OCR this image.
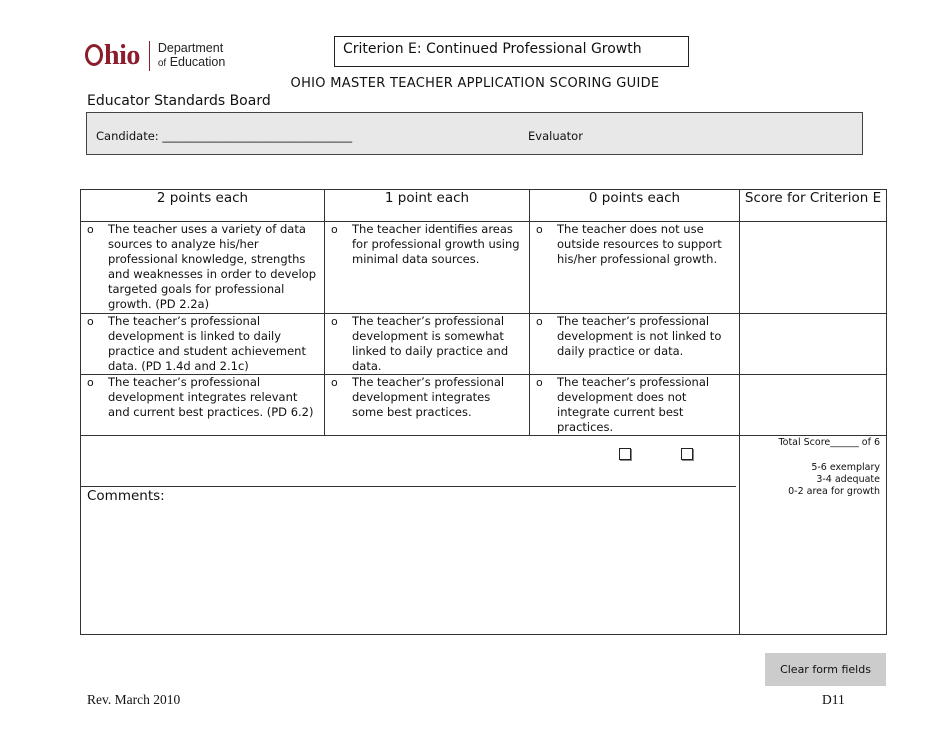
hio Department
of Education
Criterion E: Continued Professional Growth
OHIO MASTER TEACHER APPLICATION SCORING GUIDE
Educator Standards Board
Candidate: _________________________________	Evaluator
2 points each	1 point each	0 points each	Score for Criterion E

o The teacher uses a variety of data sources to analyze his/her professional knowledge, strengths and weaknesses in order to develop targeted goals for professional growth. (PD 2.2a)	o The teacher identifies areas for professional growth using minimal data sources.	o The teacher does not use outside resources to support his/her professional growth.	

o The teacher’s professional development is linked to daily practice and student achievement data. (PD 1.4d and 2.1c)	o The teacher’s professional development is somewhat linked to daily practice and data.	o The teacher’s professional development is not linked to daily practice or data.	

o The teacher’s professional development integrates relevant and current best practices. (PD 6.2)	o The teacher’s professional development integrates some best practices.	o The teacher’s professional development does not integrate current best practices.	

Comments:			Total Score______ of 6
5-6 exemplary
3-4 adequate
0-2 area for growth
Clear form fields
Rev. March 2010	D11
